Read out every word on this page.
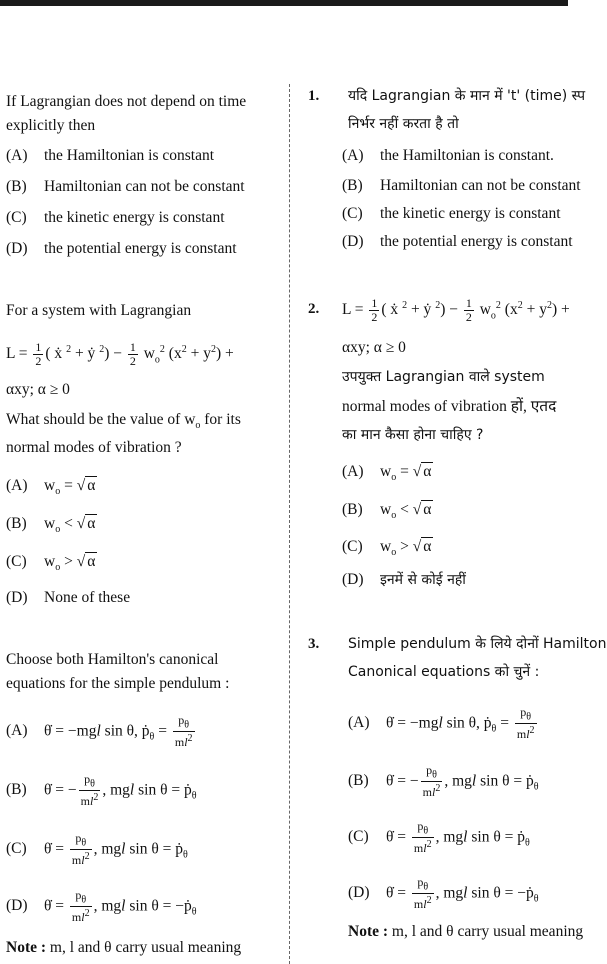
If Lagrangian does not depend on time
explicitly then
(A) the Hamiltonian is constant
(B) Hamiltonian can not be constant
(C) the kinetic energy is constant
(D) the potential energy is constant
For a system with Lagrangian
$L = \frac{1}{2}$ ( ẋ $^2$ + ẏ $^2) - \frac{1}{2} w_o^2$ $(x^2 + y^2)$ +
αxy; α ≥ 0
What should be the value of $w_o$ for its
normal modes of vibration ?
(A) $w_o$ = √ α
(B) $w_o$ < √ α
(C) $w_o$ > √ α
(D) None of these
Choose both Hamilton's canonical
equations for the simple pendulum :
(A) θ̇ = −mgl sin θ, ṗ$_\theta$ = $\frac{p_\theta}{ml^2}$
(B) θ̇ = − $\frac{p_\theta}{ml^2}$ , mgl sin θ = ṗ$_\theta$
(C) θ̇ = $\frac{p_\theta}{ml^2}$ , mgl sin θ = ṗ$_\theta$
(D) θ̇ = $\frac{p_\theta}{ml^2}$ , mgl sin θ = −ṗ$_\theta$
Note : m, l and θ carry usual meaning
1. यदि Lagrangian के मान में 't' (time) स्प
निर्भर नहीं करता है तो
(A) the Hamiltonian is constant.
(B) Hamiltonian can not be constant
(C) the kinetic energy is constant
(D) the potential energy is constant
2. $L = \frac{1}{2}$ ( ẋ $^2$ + ẏ $^2) - \frac{1}{2} w_o^2$ $(x^2 + y^2)$ +
αxy; α ≥ 0
उपयुक्त Lagrangian वाले system
normal modes of vibration हों, एतद
का मान कैसा होना चाहिए ?
(A) $w_o$ = √ α
(B) $w_o$ < √ α
(C) $w_o$ > √ α
(D) इनमें से कोई नहीं
3. Simple pendulum के लिये दोनों Hamilton
Canonical equations को चुनें :
(A) θ̇ = −mgl sin θ, ṗ$_\theta$ = $\frac{p_\theta}{ml^2}$
(B) θ̇ = − $\frac{p_\theta}{ml^2}$ , mgl sin θ = ṗ$_\theta$
(C) θ̇ = $\frac{p_\theta}{ml^2}$ , mgl sin θ = ṗ$_\theta$
(D) θ̇ = $\frac{p_\theta}{ml^2}$ , mgl sin θ = −ṗ$_\theta$
Note : m, l and θ carry usual meaning
